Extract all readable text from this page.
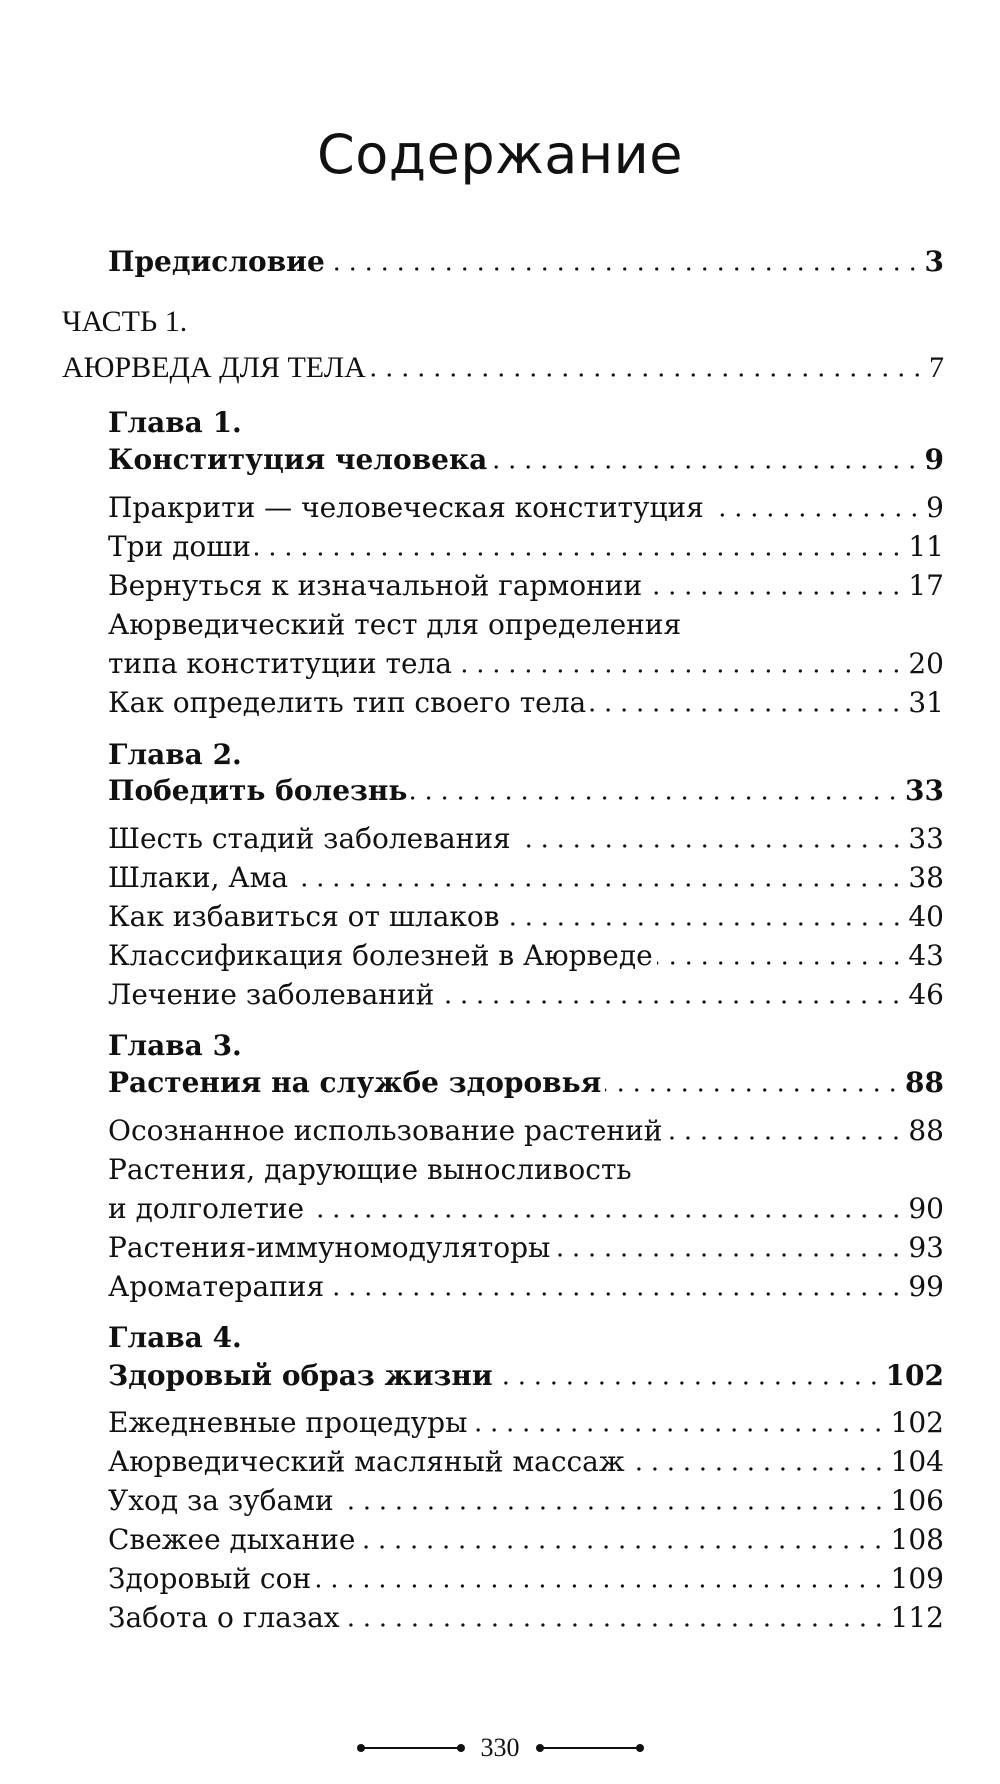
Содержание
Предисловие	3
ЧАСТЬ 1.
АЮРВЕДА ДЛЯ ТЕЛА	7
Глава 1.
Конституция человека	9
Пракрити — человеческая конституция	9
Три доши	11
Вернуться к изначальной гармонии	17
Аюрведический тест для определения
типа конституции тела	20
Как определить тип своего тела	31
Глава 2.
Победить болезнь	33
Шесть стадий заболевания	33
Шлаки, Ама	38
Как избавиться от шлаков	40
Классификация болезней в Аюрведе	43
Лечение заболеваний	46
Глава 3.
Растения на службе здоровья	88
Осознанное использование растений	88
Растения, дарующие выносливость
и долголетие	90
Растения-иммуномодуляторы	93
Ароматерапия	99
Глава 4.
Здоровый образ жизни	102
Ежедневные процедуры	102
Аюрведический масляный массаж	104
Уход за зубами	106
Свежее дыхание	108
Здоровый сон	109
Забота о глазах	112
330
